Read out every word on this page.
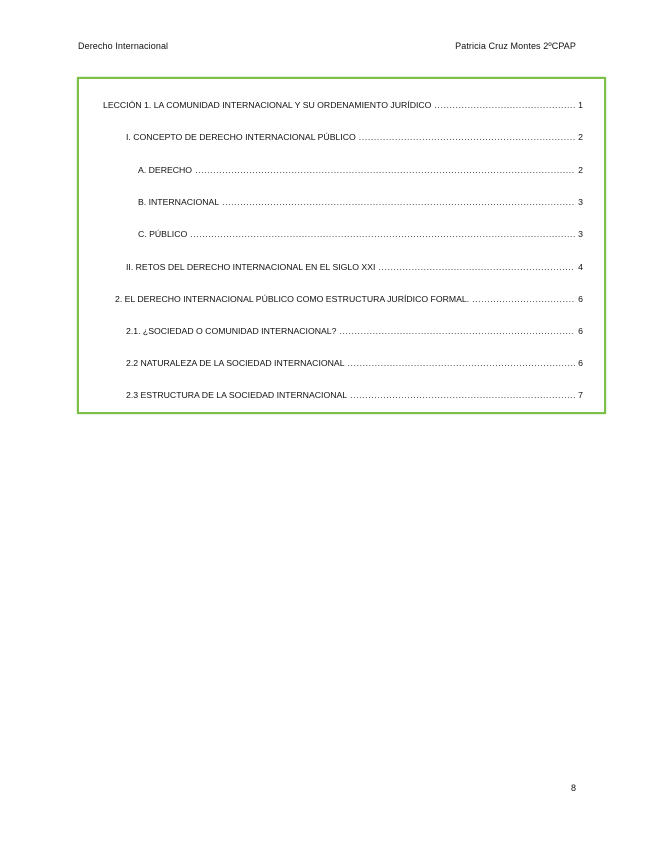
Derecho Internacional	Patricia Cruz Montes 2ºCPAP
LECCIÓN 1. LA COMUNIDAD INTERNACIONAL Y SU ORDENAMIENTO JURÍDICO .....	1
I. CONCEPTO DE DERECHO INTERNACIONAL PÚBLICO .....	2
A. DERECHO .....	2
B. INTERNACIONAL .....	3
C. PÚBLICO .....	3
II. RETOS DEL DERECHO INTERNACIONAL EN EL SIGLO XXI .....	4
2. EL DERECHO INTERNACIONAL PÚBLICO COMO ESTRUCTURA JURÍDICO FORMAL. .....	6
2.1. ¿SOCIEDAD O COMUNIDAD INTERNACIONAL? .....	6
2.2 NATURALEZA DE LA SOCIEDAD INTERNACIONAL .....	6
2.3 ESTRUCTURA DE LA SOCIEDAD INTERNACIONAL .....	7
8
